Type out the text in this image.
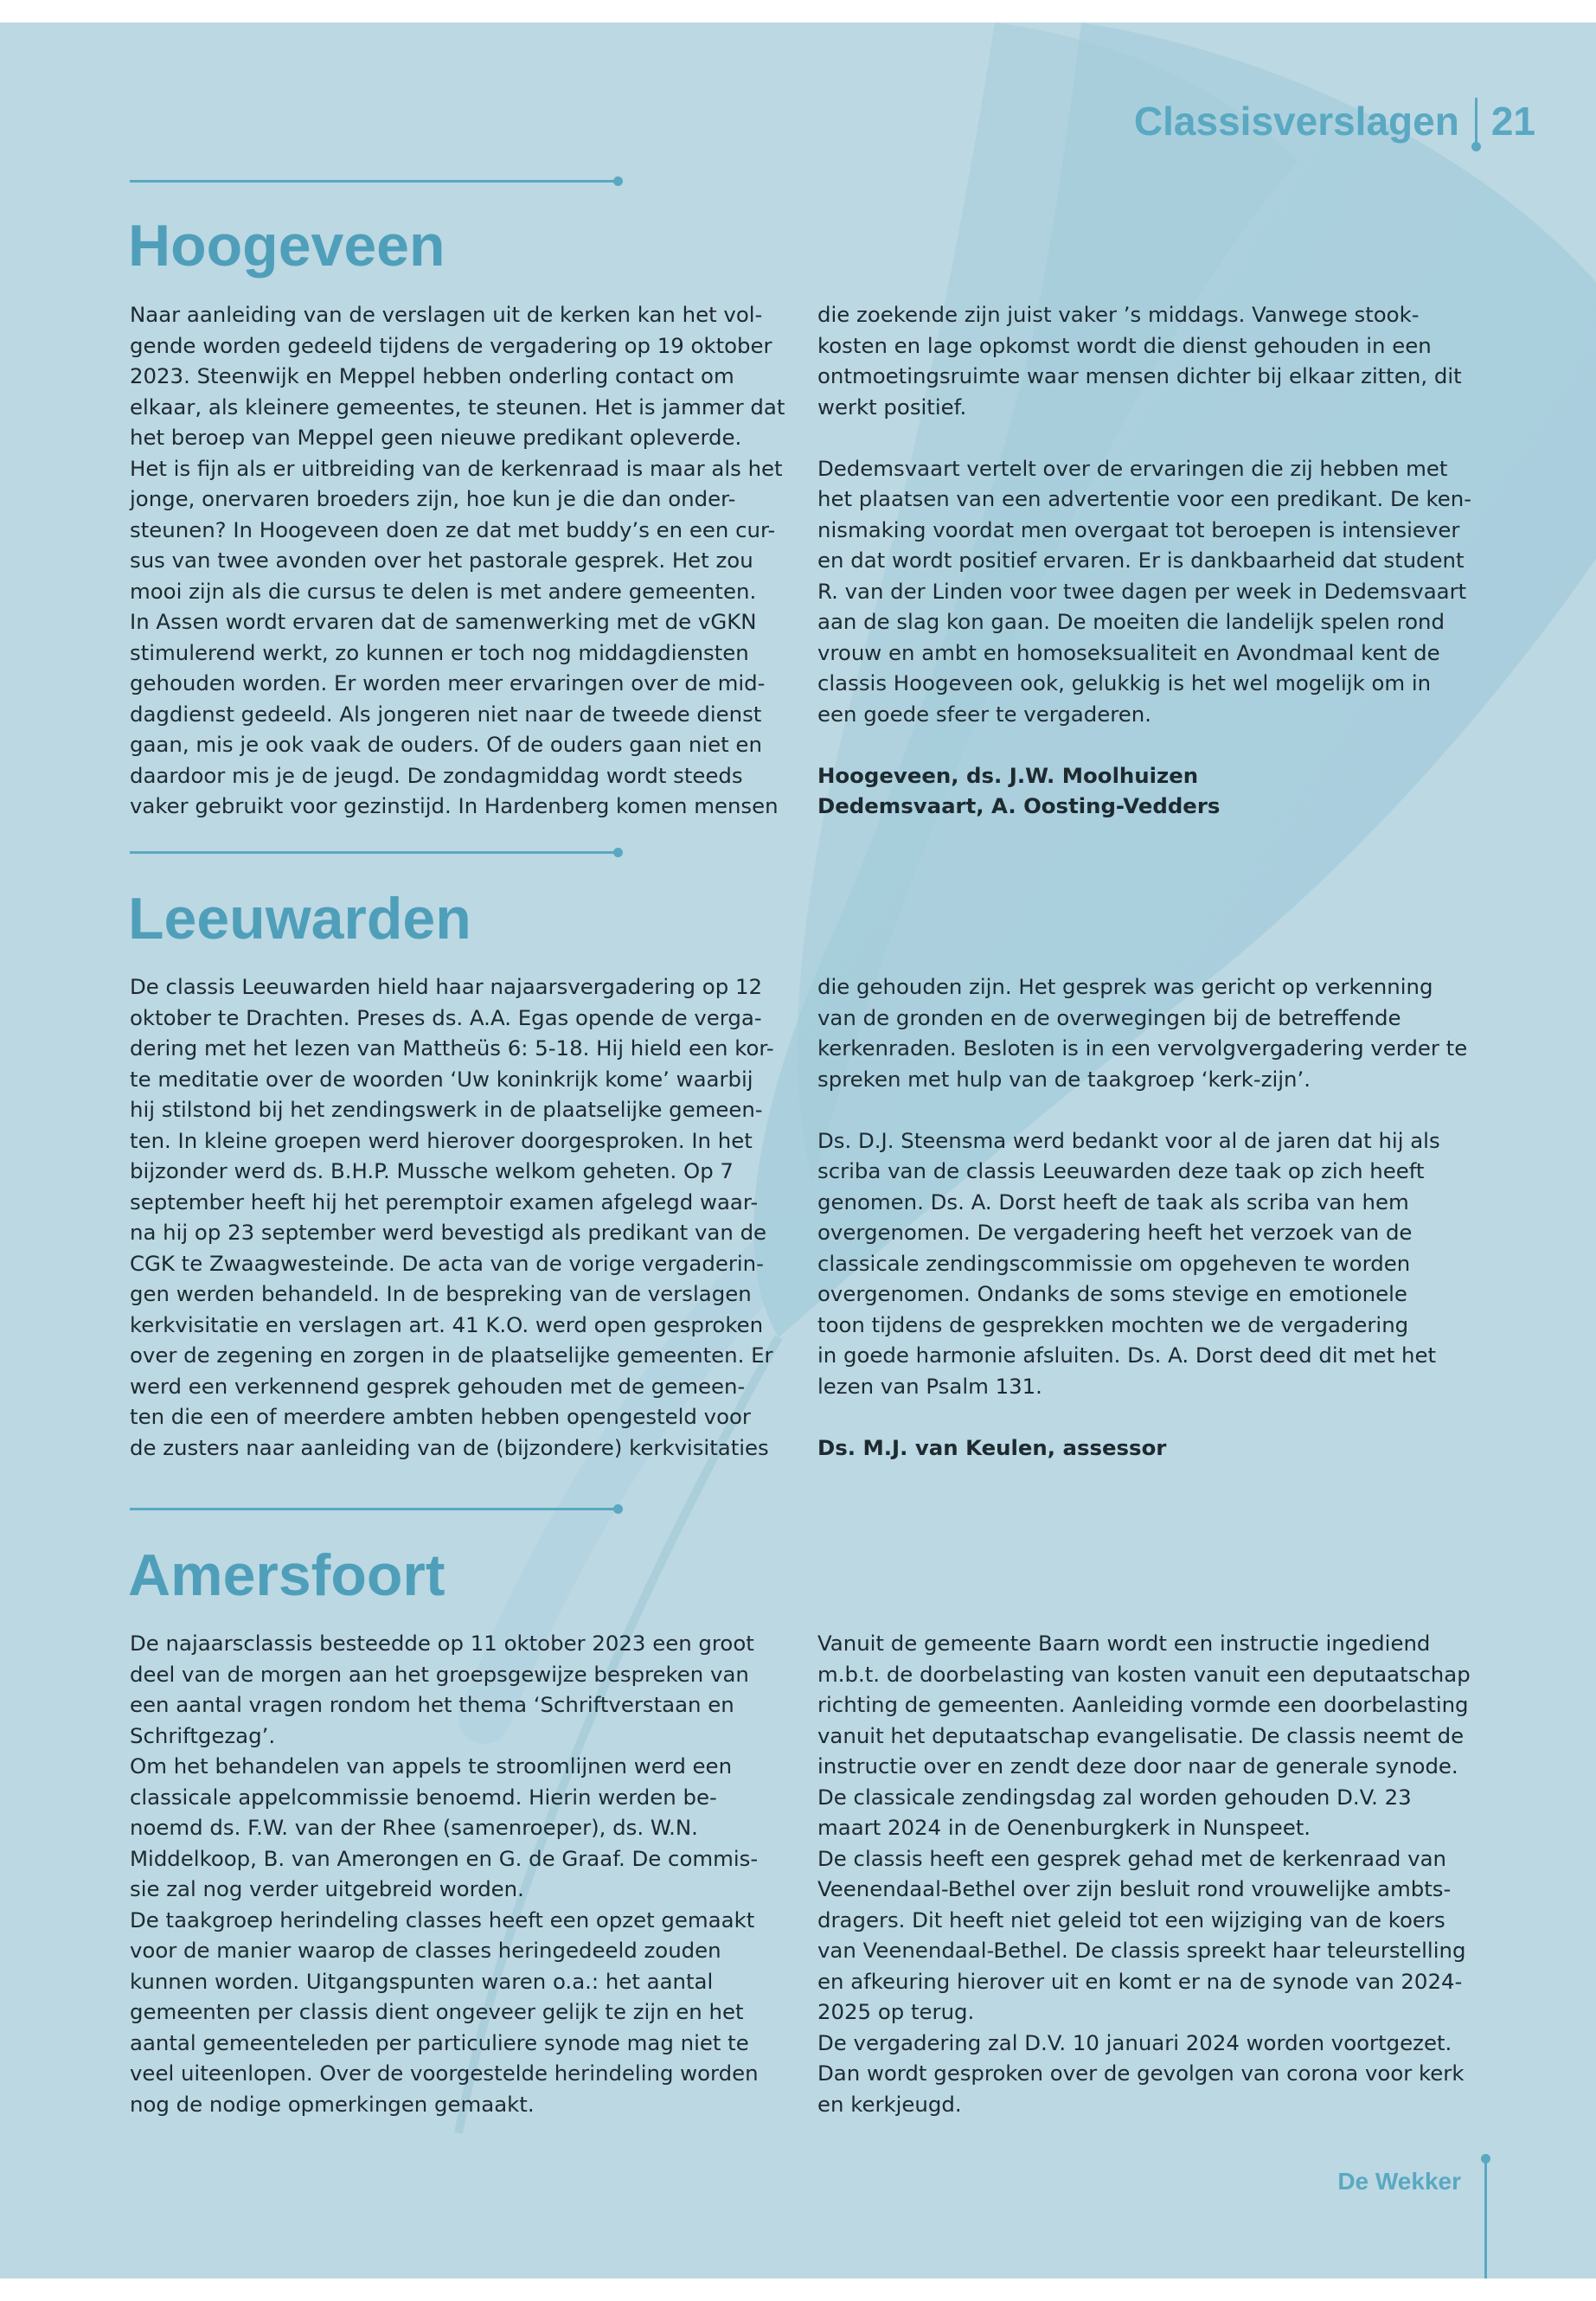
Classisverslagen 21
Hoogeveen

Naar aanleiding van de verslagen uit de kerken kan het vol-
gende worden gedeeld tijdens de vergadering op 19 oktober
2023. Steenwijk en Meppel hebben onderling contact om
elkaar, als kleinere gemeentes, te steunen. Het is jammer dat
het beroep van Meppel geen nieuwe predikant opleverde.
Het is fijn als er uitbreiding van de kerkenraad is maar als het
jonge, onervaren broeders zijn, hoe kun je die dan onder-
steunen? In Hoogeveen doen ze dat met buddy’s en een cur-
sus van twee avonden over het pastorale gesprek. Het zou
mooi zijn als die cursus te delen is met andere gemeenten.
In Assen wordt ervaren dat de samenwerking met de vGKN
stimulerend werkt, zo kunnen er toch nog middagdiensten
gehouden worden. Er worden meer ervaringen over de mid-
dagdienst gedeeld. Als jongeren niet naar de tweede dienst
gaan, mis je ook vaak de ouders. Of de ouders gaan niet en
daardoor mis je de jeugd. De zondagmiddag wordt steeds
vaker gebruikt voor gezinstijd. In Hardenberg komen mensen

die zoekende zijn juist vaker ’s middags. Vanwege stook-
kosten en lage opkomst wordt die dienst gehouden in een
ontmoetingsruimte waar mensen dichter bij elkaar zitten, dit
werkt positief.

Dedemsvaart vertelt over de ervaringen die zij hebben met
het plaatsen van een advertentie voor een predikant. De ken-
nismaking voordat men overgaat tot beroepen is intensiever
en dat wordt positief ervaren. Er is dankbaarheid dat student
R. van der Linden voor twee dagen per week in Dedemsvaart
aan de slag kon gaan. De moeiten die landelijk spelen rond
vrouw en ambt en homoseksualiteit en Avondmaal kent de
classis Hoogeveen ook, gelukkig is het wel mogelijk om in
een goede sfeer te vergaderen.

Hoogeveen, ds. J.W. Moolhuizen

Dedemsvaart, A. Oosting-Vedders

Leeuwarden

De classis Leeuwarden hield haar najaarsvergadering op 12
oktober te Drachten. Preses ds. A.A. Egas opende de verga-
dering met het lezen van Mattheüs 6: 5-18. Hij hield een kor-
te meditatie over de woorden ‘Uw koninkrijk kome’ waarbij
hij stilstond bij het zendingswerk in de plaatselijke gemeen-
ten. In kleine groepen werd hierover doorgesproken. In het
bijzonder werd ds. B.H.P. Mussche welkom geheten. Op 7
september heeft hij het peremptoir examen afgelegd waar-
na hij op 23 september werd bevestigd als predikant van de
CGK te Zwaagwesteinde. De acta van de vorige vergaderin-
gen werden behandeld. In de bespreking van de verslagen
kerkvisitatie en verslagen art. 41 K.O. werd open gesproken
over de zegening en zorgen in de plaatselijke gemeenten. Er
werd een verkennend gesprek gehouden met de gemeen-
ten die een of meerdere ambten hebben opengesteld voor
de zusters naar aanleiding van de (bijzondere) kerkvisitaties

die gehouden zijn. Het gesprek was gericht op verkenning
van de gronden en de overwegingen bij de betreffende
kerkenraden. Besloten is in een vervolgvergadering verder te
spreken met hulp van de taakgroep ‘kerk-zijn’.

Ds. D.J. Steensma werd bedankt voor al de jaren dat hij als
scriba van de classis Leeuwarden deze taak op zich heeft
genomen. Ds. A. Dorst heeft de taak als scriba van hem
overgenomen. De vergadering heeft het verzoek van de
classicale zendingscommissie om opgeheven te worden
overgenomen. Ondanks de soms stevige en emotionele
toon tijdens de gesprekken mochten we de vergadering
in goede harmonie afsluiten. Ds. A. Dorst deed dit met het
lezen van Psalm 131.

Ds. M.J. van Keulen, assessor

Amersfoort

De najaarsclassis besteedde op 11 oktober 2023 een groot
deel van de morgen aan het groepsgewijze bespreken van
een aantal vragen rondom het thema ‘Schriftverstaan en
Schriftgezag’.
Om het behandelen van appels te stroomlijnen werd een
classicale appelcommissie benoemd. Hierin werden be-
noemd ds. F.W. van der Rhee (samenroeper), ds. W.N.
Middelkoop, B. van Amerongen en G. de Graaf. De commis-
sie zal nog verder uitgebreid worden.
De taakgroep herindeling classes heeft een opzet gemaakt
voor de manier waarop de classes heringedeeld zouden
kunnen worden. Uitgangspunten waren o.a.: het aantal
gemeenten per classis dient ongeveer gelijk te zijn en het
aantal gemeenteleden per particuliere synode mag niet te
veel uiteenlopen. Over de voorgestelde herindeling worden
nog de nodige opmerkingen gemaakt.

Vanuit de gemeente Baarn wordt een instructie ingediend
m.b.t. de doorbelasting van kosten vanuit een deputaatschap
richting de gemeenten. Aanleiding vormde een doorbelasting
vanuit het deputaatschap evangelisatie. De classis neemt de
instructie over en zendt deze door naar de generale synode.
De classicale zendingsdag zal worden gehouden D.V. 23
maart 2024 in de Oenenburgkerk in Nunspeet.
De classis heeft een gesprek gehad met de kerkenraad van
Veenendaal-Bethel over zijn besluit rond vrouwelijke ambts-
dragers. Dit heeft niet geleid tot een wijziging van de koers
van Veenendaal-Bethel. De classis spreekt haar teleurstelling
en afkeuring hierover uit en komt er na de synode van 2024-
2025 op terug.
De vergadering zal D.V. 10 januari 2024 worden voortgezet.
Dan wordt gesproken over de gevolgen van corona voor kerk
en kerkjeugd.

De Wekker
